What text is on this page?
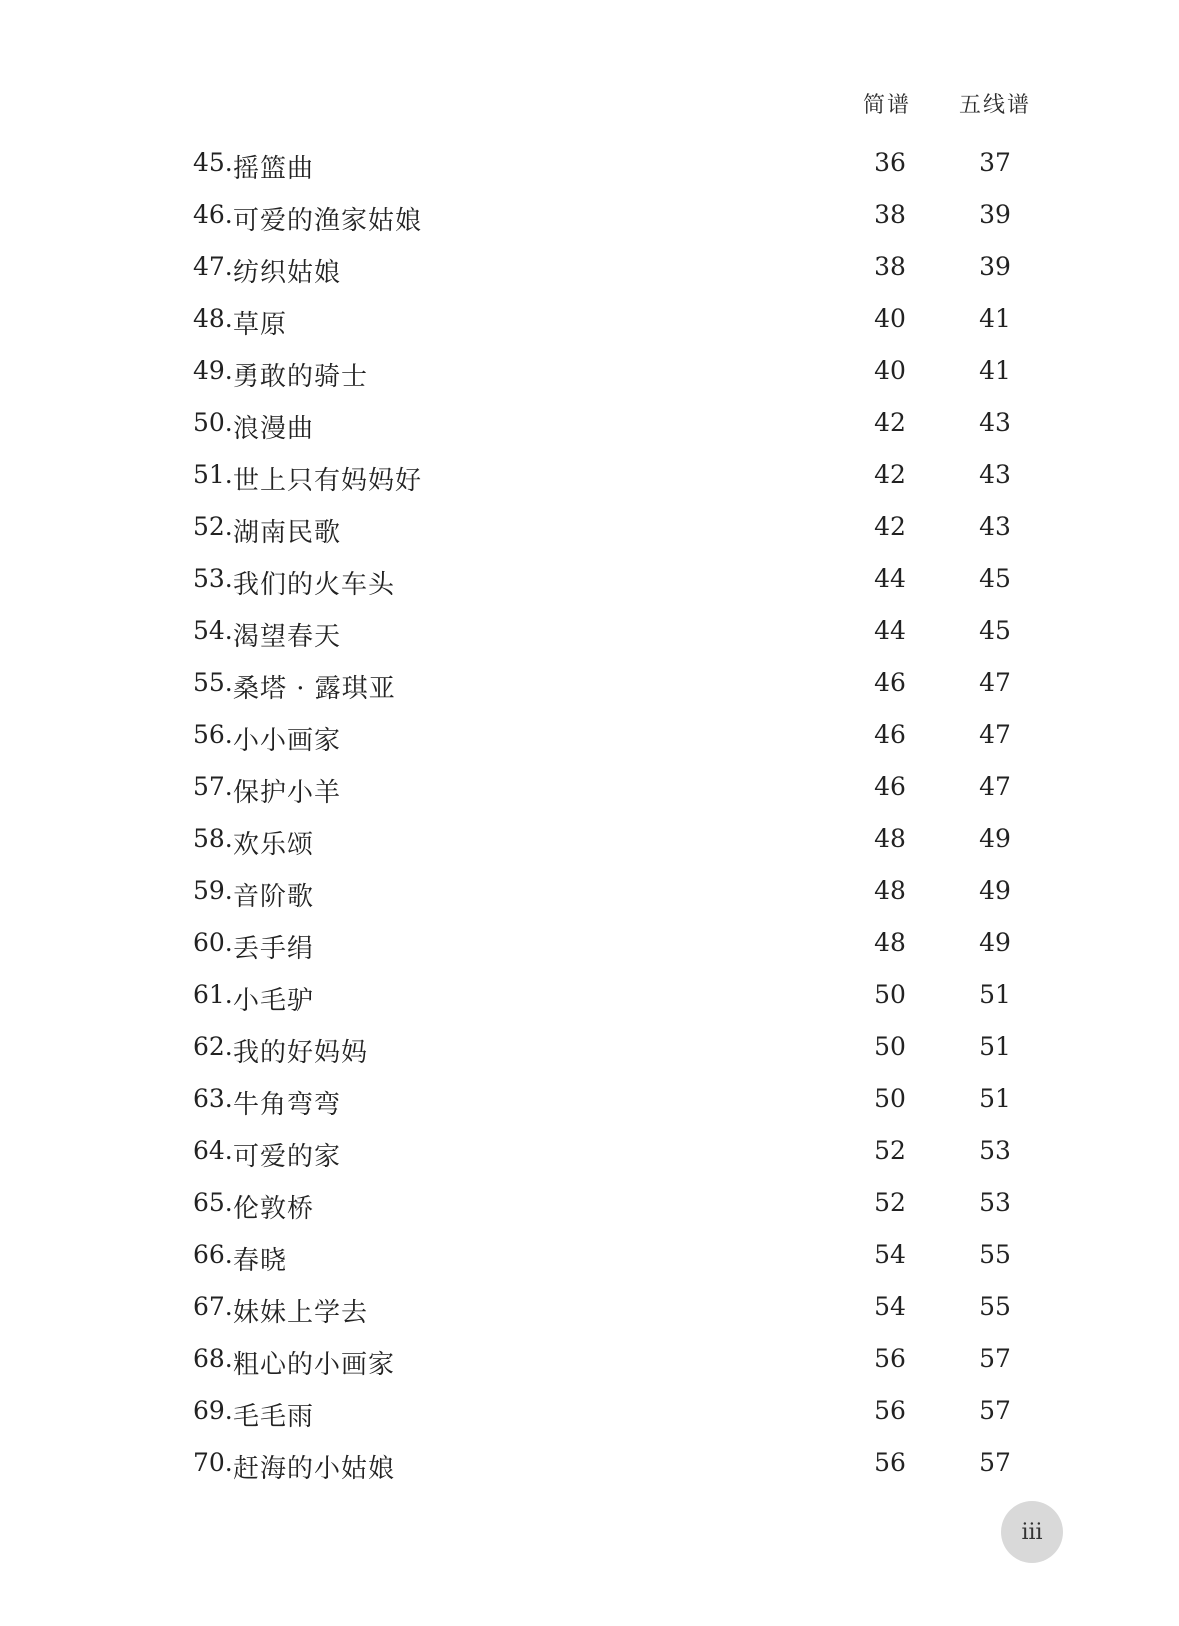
简谱	五线谱
45. 摇篮曲	36	37
46. 可爱的渔家姑娘	38	39
47. 纺织姑娘	38	39
48. 草原	40	41
49. 勇敢的骑士	40	41
50. 浪漫曲	42	43
51. 世上只有妈妈好	42	43
52. 湖南民歌	42	43
53. 我们的火车头	44	45
54. 渴望春天	44	45
55. 桑塔 · 露琪亚	46	47
56. 小小画家	46	47
57. 保护小羊	46	47
58. 欢乐颂	48	49
59. 音阶歌	48	49
60. 丢手绢	48	49
61. 小毛驴	50	51
62. 我的好妈妈	50	51
63. 牛角弯弯	50	51
64. 可爱的家	52	53
65. 伦敦桥	52	53
66. 春晓	54	55
67. 妹妹上学去	54	55
68. 粗心的小画家	56	57
69. 毛毛雨	56	57
70. 赶海的小姑娘	56	57
iii
